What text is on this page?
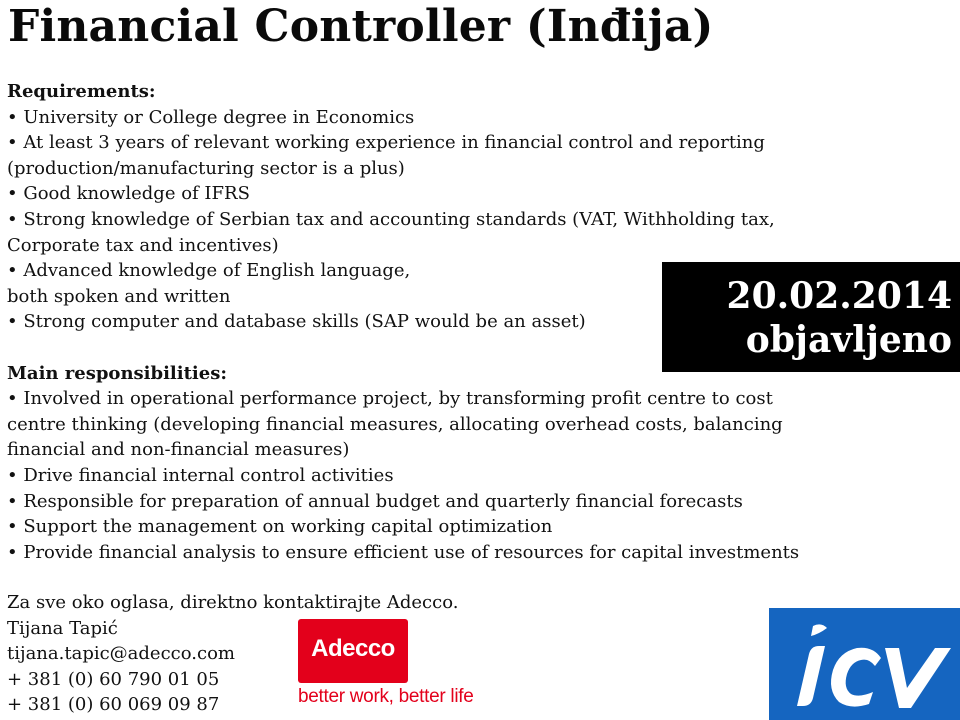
Financial Controller (Inđija)
Requirements:
• University or College degree in Economics
• At least 3 years of relevant working experience in financial control and reporting
(production/manufacturing sector is a plus)
• Good knowledge of IFRS
• Strong knowledge of Serbian tax and accounting standards (VAT, Withholding tax,
Corporate tax and incentives)
• Advanced knowledge of English language,
both spoken and written
• Strong computer and database skills (SAP would be an asset)
Main responsibilities:
• Involved in operational performance project, by transforming profit centre to cost
centre thinking (developing financial measures, allocating overhead costs, balancing
financial and non-financial measures)
• Drive financial internal control activities
• Responsible for preparation of annual budget and quarterly financial forecasts
• Support the management on working capital optimization
• Provide financial analysis to ensure efficient use of resources for capital investments
20.02.2014
objavljeno
Za sve oko oglasa, direktno kontaktirajte Adecco.
Tijana Tapić
tijana.tapic@adecco.com
+ 381 (0) 60 790 01 05
+ 381 (0) 60 069 09 87
Adecco
better work, better life
